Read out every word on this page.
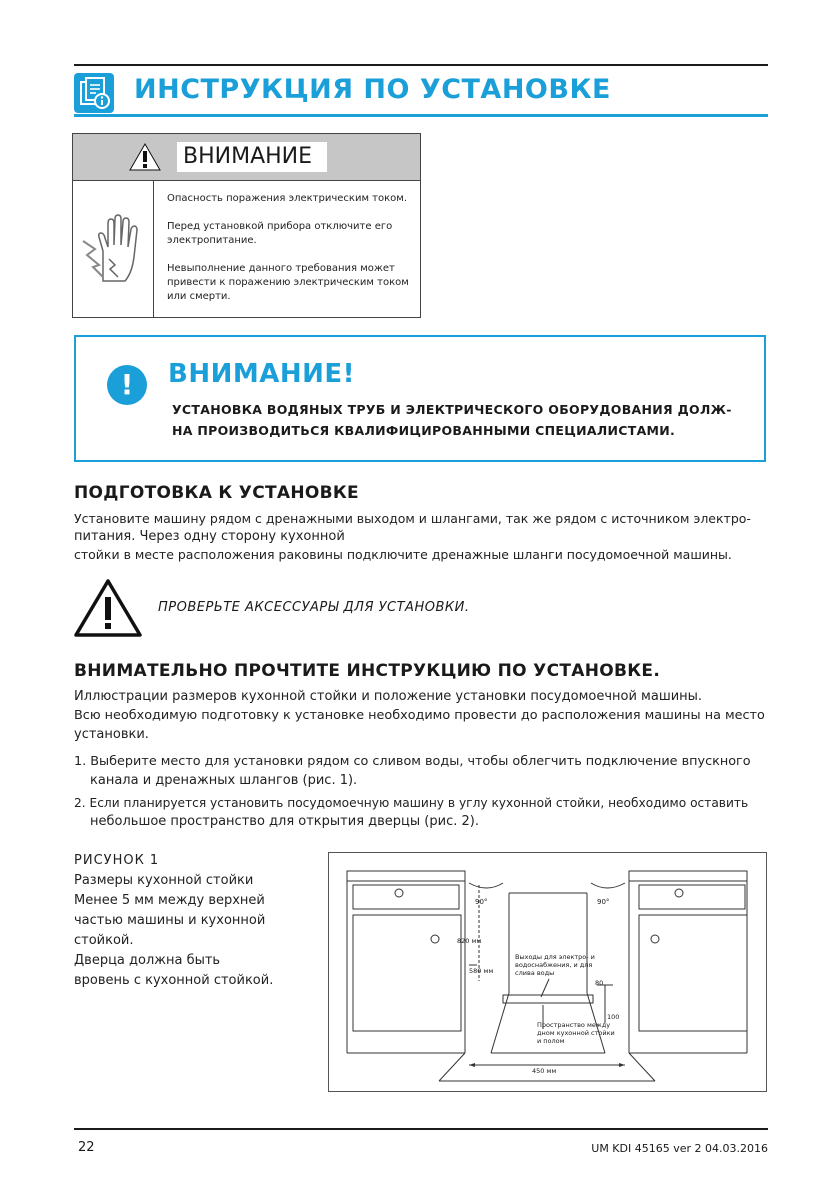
ИНСТРУКЦИЯ ПО УСТАНОВКЕ
ВНИМАНИЕ
Опасность поражения электрическим током.
Перед установкой прибора отключите его
электропитание.
Невыполнение данного требования может
привести к поражению электрическим током
или смерти.
!	ВНИМАНИЕ!
УСТАНОВКА ВОДЯНЫХ ТРУБ И ЭЛЕКТРИЧЕСКОГО ОБОРУДОВАНИЯ ДОЛЖ-
НА ПРОИЗВОДИТЬСЯ КВАЛИФИЦИРОВАННЫМИ СПЕЦИАЛИСТАМИ.
ПОДГОТОВКА К УСТАНОВКЕ
Установите машину рядом с дренажными выходом и шлангами, так же рядом с источником электро-
питания. Через одну сторону кухонной
стойки в месте расположения раковины подключите дренажные шланги посудомоечной машины.
ПРОВЕРЬТЕ АКСЕССУАРЫ ДЛЯ УСТАНОВКИ.
ВНИМАТЕЛЬНО ПРОЧТИТЕ ИНСТРУКЦИЮ ПО УСТАНОВКЕ.
Иллюстрации размеров кухонной стойки и положение установки посудомоечной машины.
Всю необходимую подготовку к установке необходимо провести до расположения машины на место
установки.
1. Выберите место для установки рядом со сливом воды, чтобы облегчить подключение впускного
канала и дренажных шлангов (рис. 1).
2. Если планируется установить посудомоечную машину в углу кухонной стойки, необходимо оставить
небольшое пространство для открытия дверцы (рис. 2).
РИСУНОК 1
Размеры кухонной стойки
Менее 5 мм между верхней
частью машины и кухонной
стойкой.
Дверца должна быть
вровень с кухонной стойкой.
90°	90°
820 мм
580 мм
450 мм
80
100
Выходы для электро- и
водоснабжения, и для
слива воды
Пространство между
дном кухонной стойки
и полом
22	UM KDI 45165 ver 2 04.03.2016
